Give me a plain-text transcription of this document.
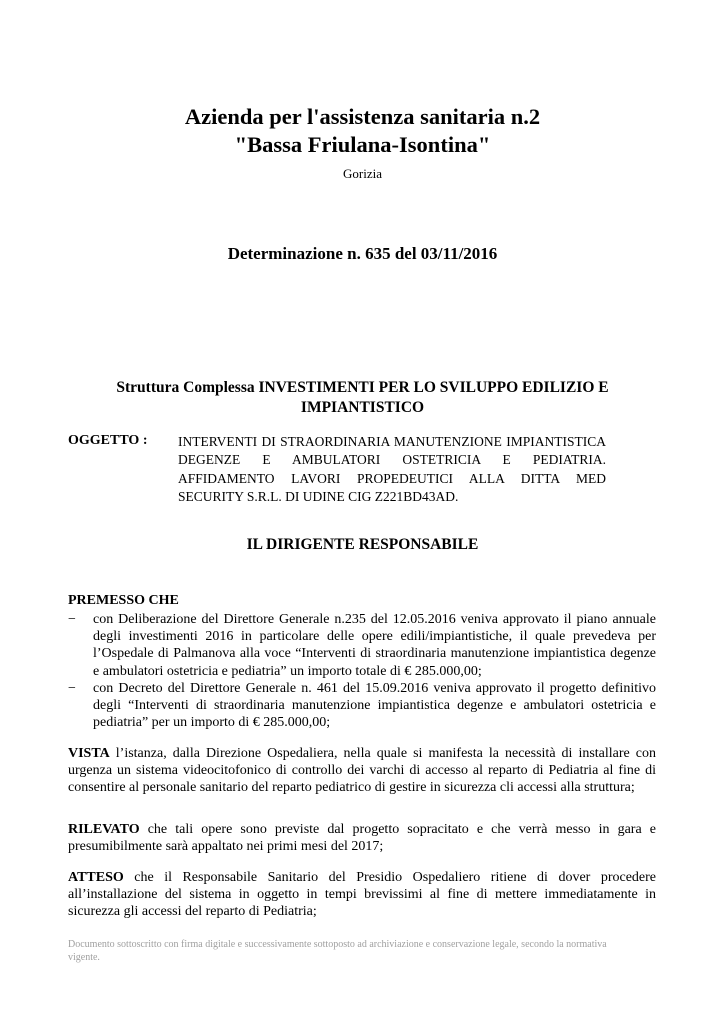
Azienda per l'assistenza sanitaria n.2
"Bassa Friulana-Isontina"
Gorizia
Determinazione n. 635 del 03/11/2016
Struttura Complessa INVESTIMENTI PER LO SVILUPPO EDILIZIO E IMPIANTISTICO
OGGETTO : INTERVENTI DI STRAORDINARIA MANUTENZIONE IMPIANTISTICA DEGENZE E AMBULATORI OSTETRICIA E PEDIATRIA. AFFIDAMENTO LAVORI PROPEDEUTICI ALLA DITTA MED SECURITY S.R.L. DI UDINE CIG Z221BD43AD.
IL DIRIGENTE RESPONSABILE
PREMESSO CHE
− con Deliberazione del Direttore Generale n.235 del 12.05.2016 veniva approvato il piano annuale degli investimenti 2016 in particolare delle opere edili/impiantistiche, il quale prevedeva per l’Ospedale di Palmanova alla voce “Interventi di straordinaria manutenzione impiantistica degenze e ambulatori ostetricia e pediatria” un importo totale di € 285.000,00;
− con Decreto del Direttore Generale n. 461 del 15.09.2016 veniva approvato il progetto definitivo degli “Interventi di straordinaria manutenzione impiantistica degenze e ambulatori ostetricia e pediatria” per un importo di € 285.000,00;
VISTA l’istanza, dalla Direzione Ospedaliera, nella quale si manifesta la necessità di installare con urgenza un sistema videocitofonico di controllo dei varchi di accesso al reparto di Pediatria al fine di consentire al personale sanitario del reparto pediatrico di gestire in sicurezza cli accessi alla struttura;
RILEVATO che tali opere sono previste dal progetto sopracitato e che verrà messo in gara e presumibilmente sarà appaltato nei primi mesi del 2017;
ATTESO che il Responsabile Sanitario del Presidio Ospedaliero ritiene di dover procedere all’installazione del sistema in oggetto in tempi brevissimi al fine di mettere immediatamente in sicurezza gli accessi del reparto di Pediatria;
Documento sottoscritto con firma digitale e successivamente sottoposto ad archiviazione e conservazione legale, secondo la normativa vigente.
